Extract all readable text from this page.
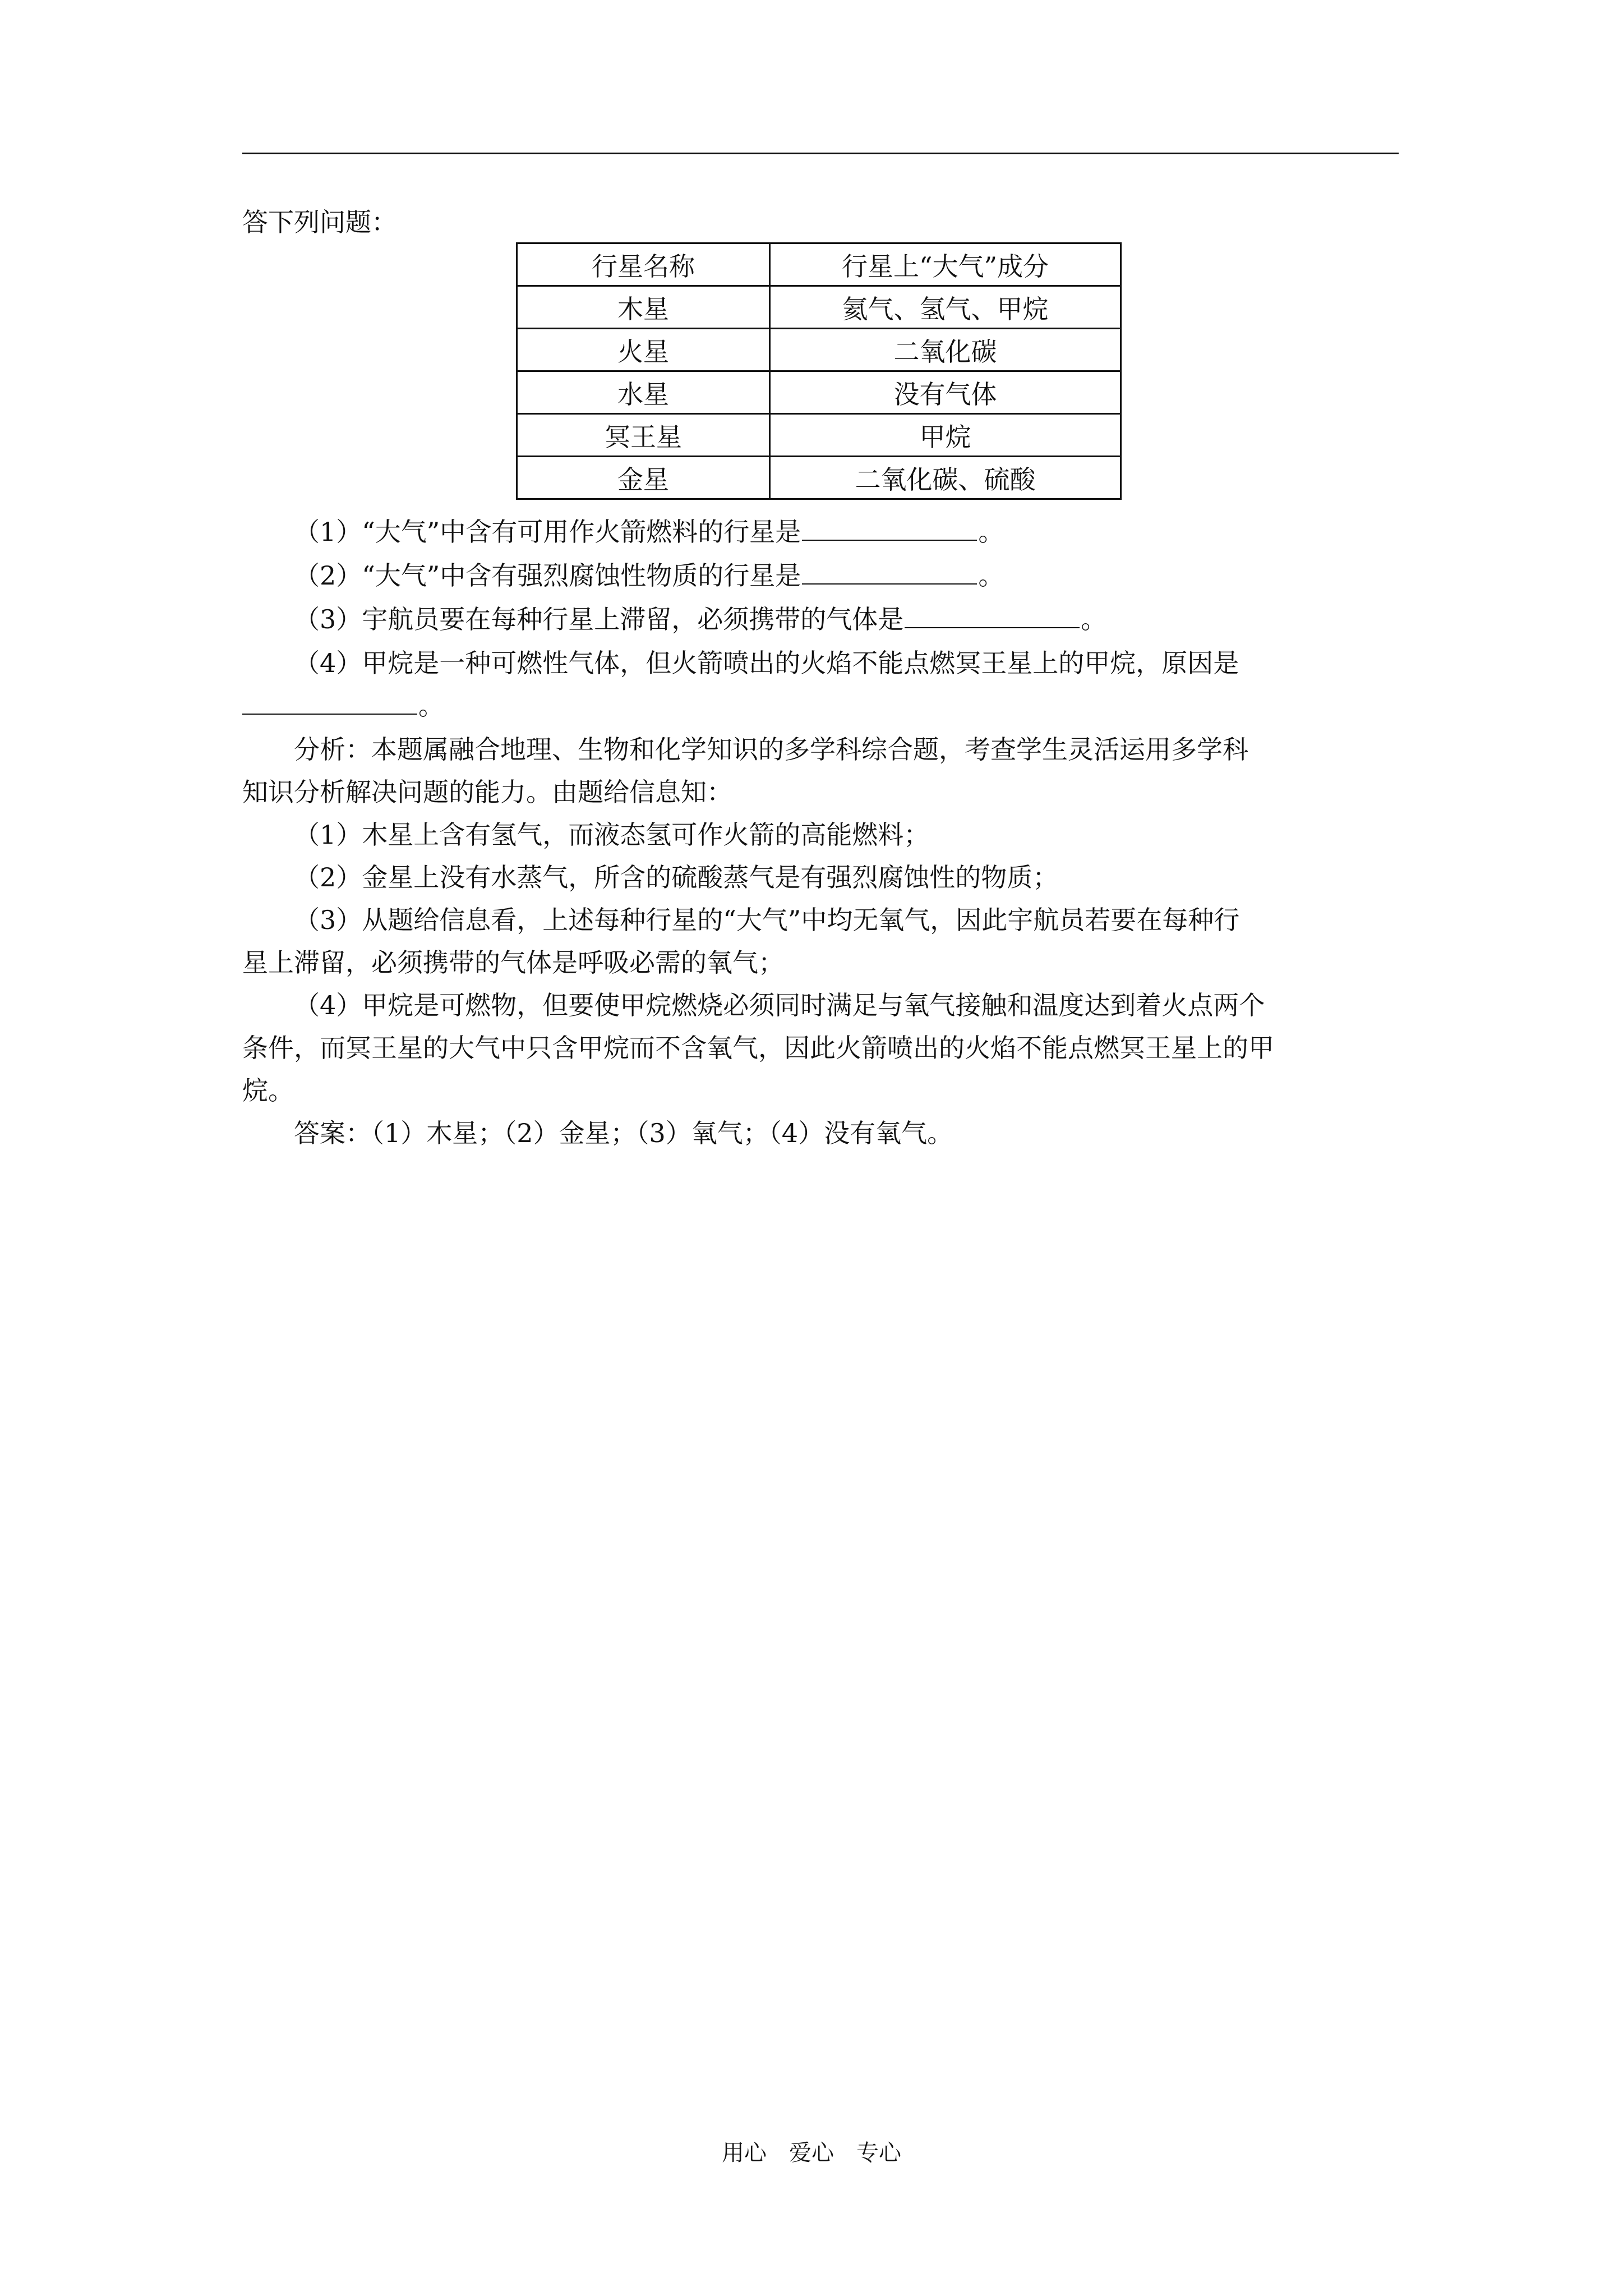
答下列问题：
行星名称	行星上“大气”成分
木星	氦气、氢气、甲烷
火星	二氧化碳
水星	没有气体
冥王星	甲烷
金星	二氧化碳、硫酸
（1）“大气”中含有可用作火箭燃料的行星是	。
（2）“大气”中含有强烈腐蚀性物质的行星是	。
（3）宇航员要在每种行星上滞留，必须携带的气体是	。
（4）甲烷是一种可燃性气体，但火箭喷出的火焰不能点燃冥王星上的甲烷，原因是
。
分析：本题属融合地理、生物和化学知识的多学科综合题，考查学生灵活运用多学科
知识分析解决问题的能力。由题给信息知：
（1）木星上含有氢气，而液态氢可作火箭的高能燃料；
（2）金星上没有水蒸气，所含的硫酸蒸气是有强烈腐蚀性的物质；
（3）从题给信息看，上述每种行星的“大气”中均无氧气，因此宇航员若要在每种行
星上滞留，必须携带的气体是呼吸必需的氧气；
（4）甲烷是可燃物，但要使甲烷燃烧必须同时满足与氧气接触和温度达到着火点两个
条件，而冥王星的大气中只含甲烷而不含氧气，因此火箭喷出的火焰不能点燃冥王星上的甲
烷。
答案：（1）木星；（2）金星；（3）氧气；（4）没有氧气。
用心　爱心　专心
